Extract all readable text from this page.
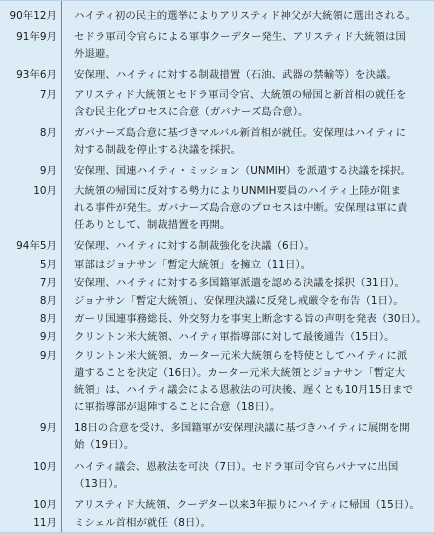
90年12月 ハイティ初の民主的選挙によりアリスティド神父が大統領に選出される。
91年9月 セドラ軍司令官らによる軍事クーデター発生、アリスティド大統領は国
外退避。
93年6月 安保理、ハイティに対する制裁措置（石油、武器の禁輸等）を決議。
7月 アリスティド大統領とセドラ軍司令官、大統領の帰国と新首相の就任を
含む民主化プロセスに合意（ガバナーズ島合意）。
8月 ガバナーズ島合意に基づきマルバル新首相が就任。安保理はハイティに
対する制裁を停止する決議を採択。
9月 安保理、国連ハイティ・ミッション（UNMIH）を派遣する決議を採択。
10月 大統領の帰国に反対する勢力によりUNMIH要員のハイティ上陸が阻ま
れる事件が発生。ガバナーズ島合意のプロセスは中断。安保理は軍に責
任ありとして、制裁措置を再開。
94年5月 安保理、ハイティに対する制裁強化を決議（6日）。
5月 軍部はジョナサン「暫定大統領」を擁立（11日）。
7月 安保理、ハイティに対する多国籍軍派遣を認める決議を採択（31日）。
8月 ジョナサン「暫定大統領」、安保理決議に反発し戒厳令を布告（1日）。
8月 ガーリ国連事務総長、外交努力を事実上断念する旨の声明を発表（30日）。
9月 クリントン米大統領、ハイティ軍指導部に対して最後通告（15日）。
9月 クリントン米大統領、カーター元米大統領らを特使としてハイティに派
遣することを決定（16日）。カーター元米大統領とジョナサン「暫定大
統領」は、ハイティ議会による恩赦法の可決後、遅くとも10月15日まで
に軍指導部が退陣することに合意（18日）。
9月 18日の合意を受け、多国籍軍が安保理決議に基づきハイティに展開を開
始（19日）。
10月 ハイティ議会、恩赦法を可決（7日）。セドラ軍司令官らパナマに出国
（13日）。
10月 アリスティド大統領、クーデター以来3年振りにハイティに帰国（15日）。
11月 ミシェル首相が就任（8日）。
